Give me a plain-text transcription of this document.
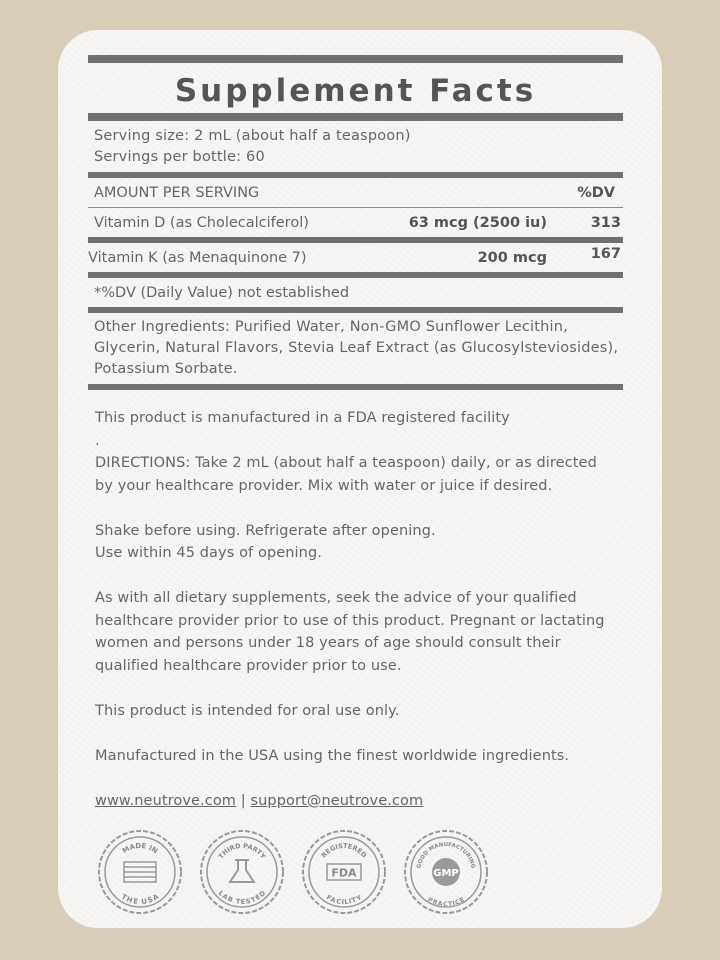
Supplement Facts
Serving size: 2 mL (about half a teaspoon)
Servings per bottle: 60
AMOUNT PER SERVING	%DV
Vitamin D (as Cholecalciferol)	63 mcg (2500 iu)	313
Vitamin K (as Menaquinone 7)	200 mcg	167
*%DV (Daily Value) not established
Other Ingredients: Purified Water, Non-GMO Sunflower Lecithin,
Glycerin, Natural Flavors, Stevia Leaf Extract (as Glucosylsteviosides),
Potassium Sorbate.

This product is manufactured in a FDA registered facility

.

DIRECTIONS: Take 2 mL (about half a teaspoon) daily, or as directed

by your healthcare provider. Mix with water or juice if desired.

Shake before using. Refrigerate after opening.

Use within 45 days of opening.

As with all dietary supplements, seek the advice of your qualified

healthcare provider prior to use of this product. Pregnant or lactating

women and persons under 18 years of age should consult their

qualified healthcare provider prior to use.

This product is intended for oral use only.

Manufactured in the USA using the finest worldwide ingredients.

www.neutrove.com | support@neutrove.com

MADE IN
THE USA
THIRD PARTY
LAB TESTED
REGISTERED
FACILITY
FDA
GOOD MANUFACTURING
PRACTICE
GMP
